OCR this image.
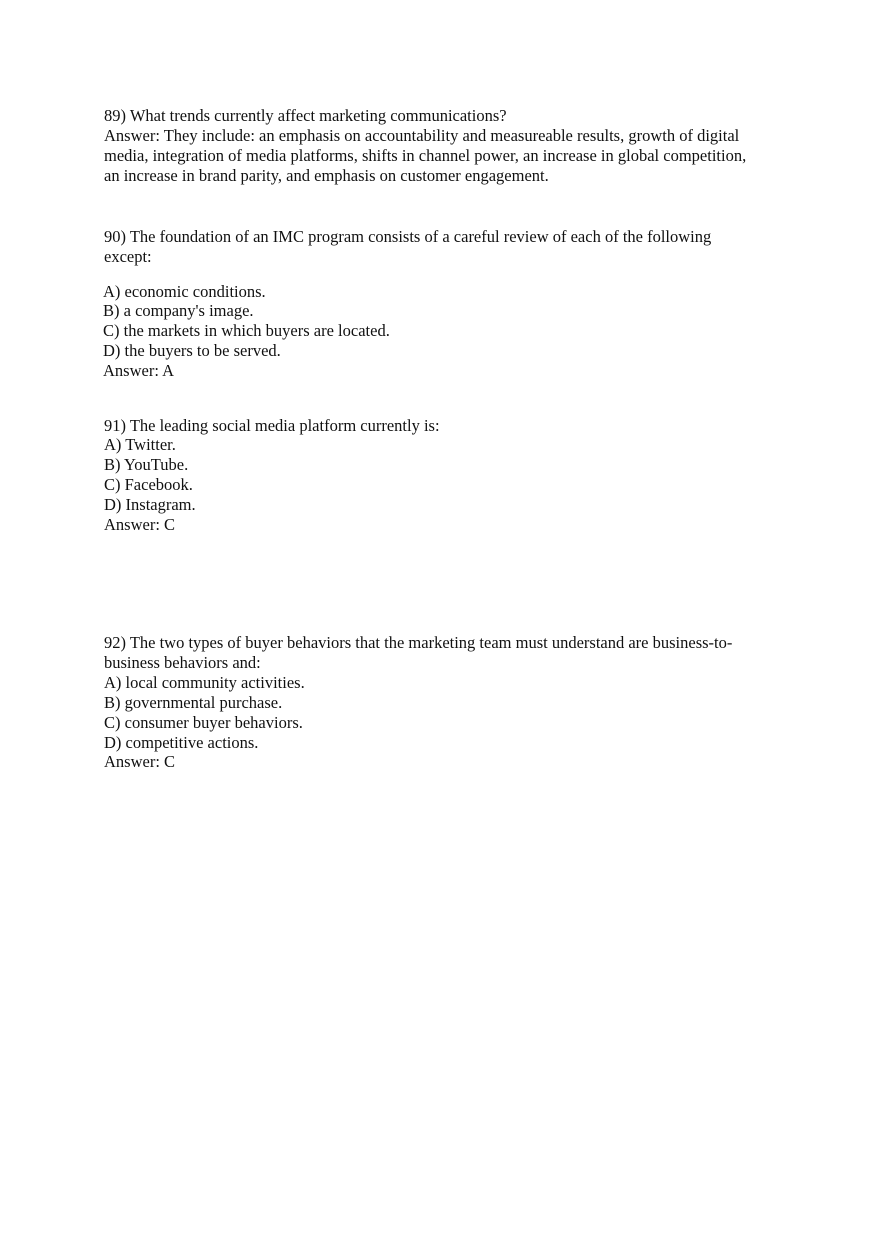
89) What trends currently affect marketing communications?
Answer: They include: an emphasis on accountability and measureable results, growth of digital
media, integration of media platforms, shifts in channel power, an increase in global competition,
an increase in brand parity, and emphasis on customer engagement.
90) The foundation of an IMC program consists of a careful review of each of the following
except:
A) economic conditions.
B) a company's image.
C) the markets in which buyers are located.
D) the buyers to be served.
Answer: A
91) The leading social media platform currently is:
A) Twitter.
B) YouTube.
C) Facebook.
D) Instagram.
Answer: C
92) The two types of buyer behaviors that the marketing team must understand are business-to-
business behaviors and:
A) local community activities.
B) governmental purchase.
C) consumer buyer behaviors.
D) competitive actions.
Answer: C
